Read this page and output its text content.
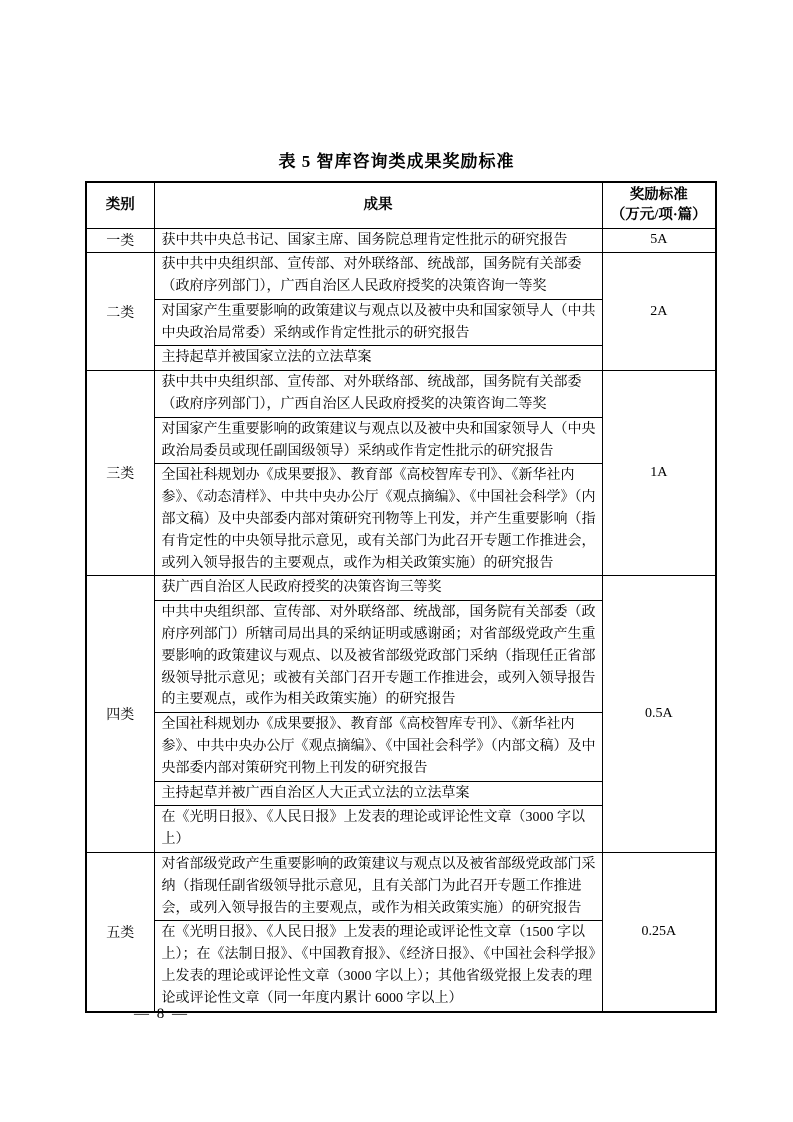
表 5 智库咨询类成果奖励标准
类别	成果	奖励标准
（万元/项·篇）

一类	获中共中央总书记、国家主席、国务院总理肯定性批示的研究报告	5A
二类	获中共中央组织部、宣传部、对外联络部、统战部，国务院有关部委（政府序列部门），广西自治区人民政府授奖的决策咨询一等奖	2A
	对国家产生重要影响的政策建议与观点以及被中央和国家领导人（中共中央政治局常委）采纳或作肯定性批示的研究报告	
	主持起草并被国家立法的立法草案	
三类	获中共中央组织部、宣传部、对外联络部、统战部，国务院有关部委（政府序列部门），广西自治区人民政府授奖的决策咨询二等奖	1A
	对国家产生重要影响的政策建议与观点以及被中央和国家领导人（中央政治局委员或现任副国级领导）采纳或作肯定性批示的研究报告	
	全国社科规划办《成果要报》、教育部《高校智库专刊》、《新华社内参》、《动态清样》、中共中央办公厅《观点摘编》、《中国社会科学》（内部文稿）及中央部委内部对策研究刊物等上刊发，并产生重要影响（指有肯定性的中央领导批示意见，或有关部门为此召开专题工作推进会，或列入领导报告的主要观点，或作为相关政策实施）的研究报告	
四类	获广西自治区人民政府授奖的决策咨询三等奖	0.5A
	中共中央组织部、宣传部、对外联络部、统战部，国务院有关部委（政府序列部门）所辖司局出具的采纳证明或感谢函；对省部级党政产生重要影响的政策建议与观点、以及被省部级党政部门采纳（指现任正省部级领导批示意见；或被有关部门召开专题工作推进会，或列入领导报告的主要观点，或作为相关政策实施）的研究报告	
	全国社科规划办《成果要报》、教育部《高校智库专刊》、《新华社内参》、中共中央办公厅《观点摘编》、《中国社会科学》（内部文稿）及中央部委内部对策研究刊物上刊发的研究报告	
	主持起草并被广西自治区人大正式立法的立法草案	
	在《光明日报》、《人民日报》上发表的理论或评论性文章（3000 字以上）	
五类	对省部级党政产生重要影响的政策建议与观点以及被省部级党政部门采纳（指现任副省级领导批示意见，且有关部门为此召开专题工作推进会，或列入领导报告的主要观点，或作为相关政策实施）的研究报告	0.25A
	在《光明日报》、《人民日报》上发表的理论或评论性文章（1500 字以上）；在《法制日报》、《中国教育报》、《经济日报》、《中国社会科学报》上发表的理论或评论性文章（3000 字以上）；其他省级党报上发表的理论或评论性文章（同一年度内累计 6000 字以上）	
— 8 —
